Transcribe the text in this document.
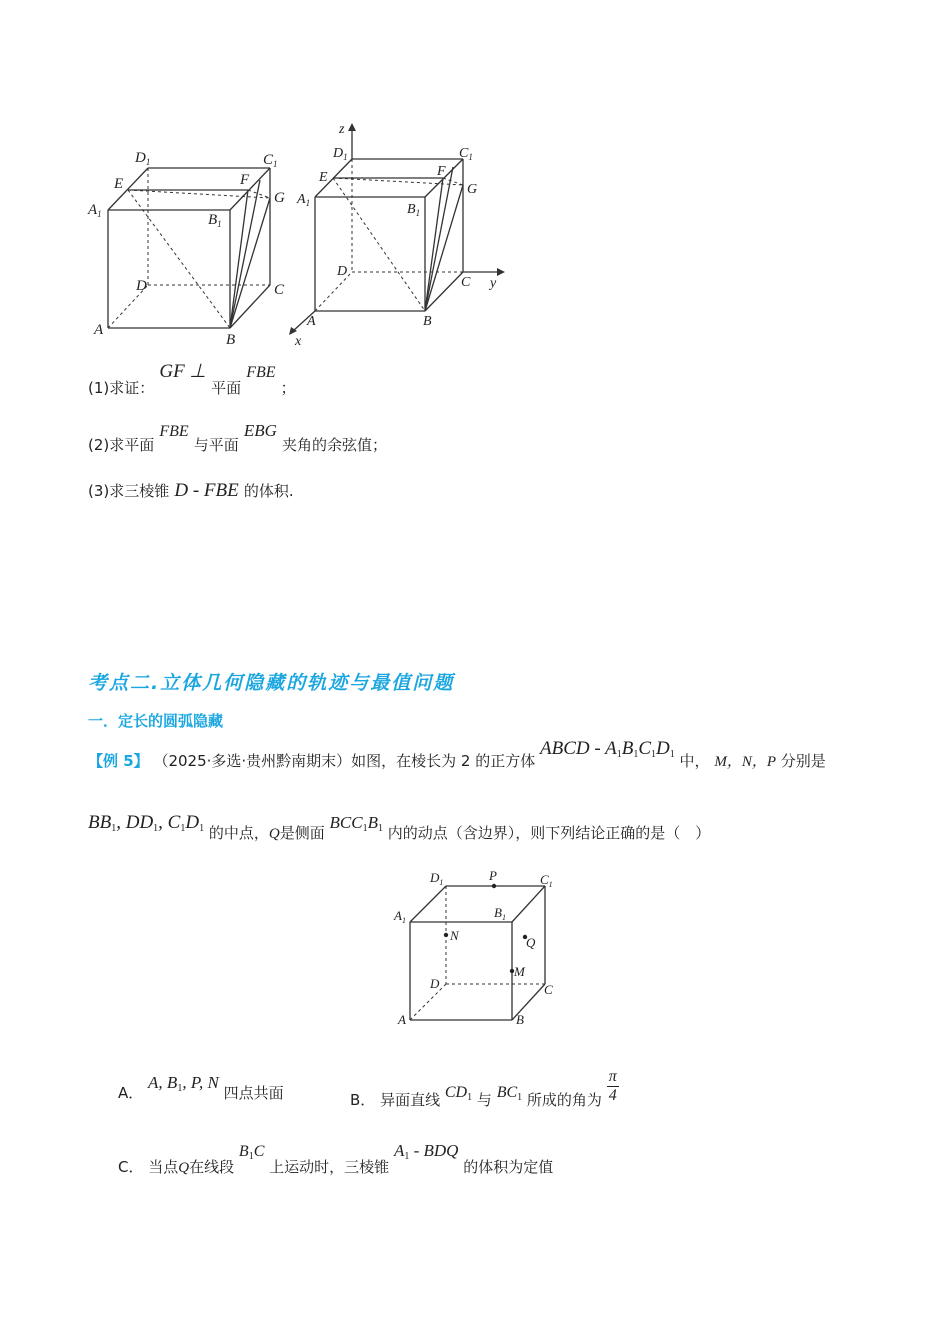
$D_1$	$C_1$
E	F
G
$A_1$	$B_1$
D	C
A
B
z
y
x
$D_1$	$C_1$
E	F
G
$A_1$	$B_1$
D
C
A	B
(1)求证： GF ⊥ 平面 FBE ；
(2)求平面 FBE 与平面 EBG 夹角的余弦值；
(3)求三棱锥 D - FBE 的体积.
考点二.立体几何隐藏的轨迹与最值问题
一．定长的圆弧隐藏
【例 5】 （2025·多选·贵州黔南期末）如图，在棱长为 2 的正方体 ABCD - $A_1B_1C_1D_1$ 中， M，N，P 分别是
$BB_1$, $DD_1$, $C_1D_1$ 的中点，Q是侧面 $BCC_1B_1$ 内的动点（含边界），则下列结论正确的是（　）
$D_1$	P	$C_1$
$A_1$
$B_1$
N	Q
M
D	C
A	B
A． A, $B_1$, P, N 四点共面	B． 异面直线 $CD_1$ 与 $BC_1$ 所成的角为 $\frac{\pi}{4}$
C． 当点Q在线段 $B_1C$ 上运动时，三棱锥 $A_1$ - BDQ 的体积为定值
